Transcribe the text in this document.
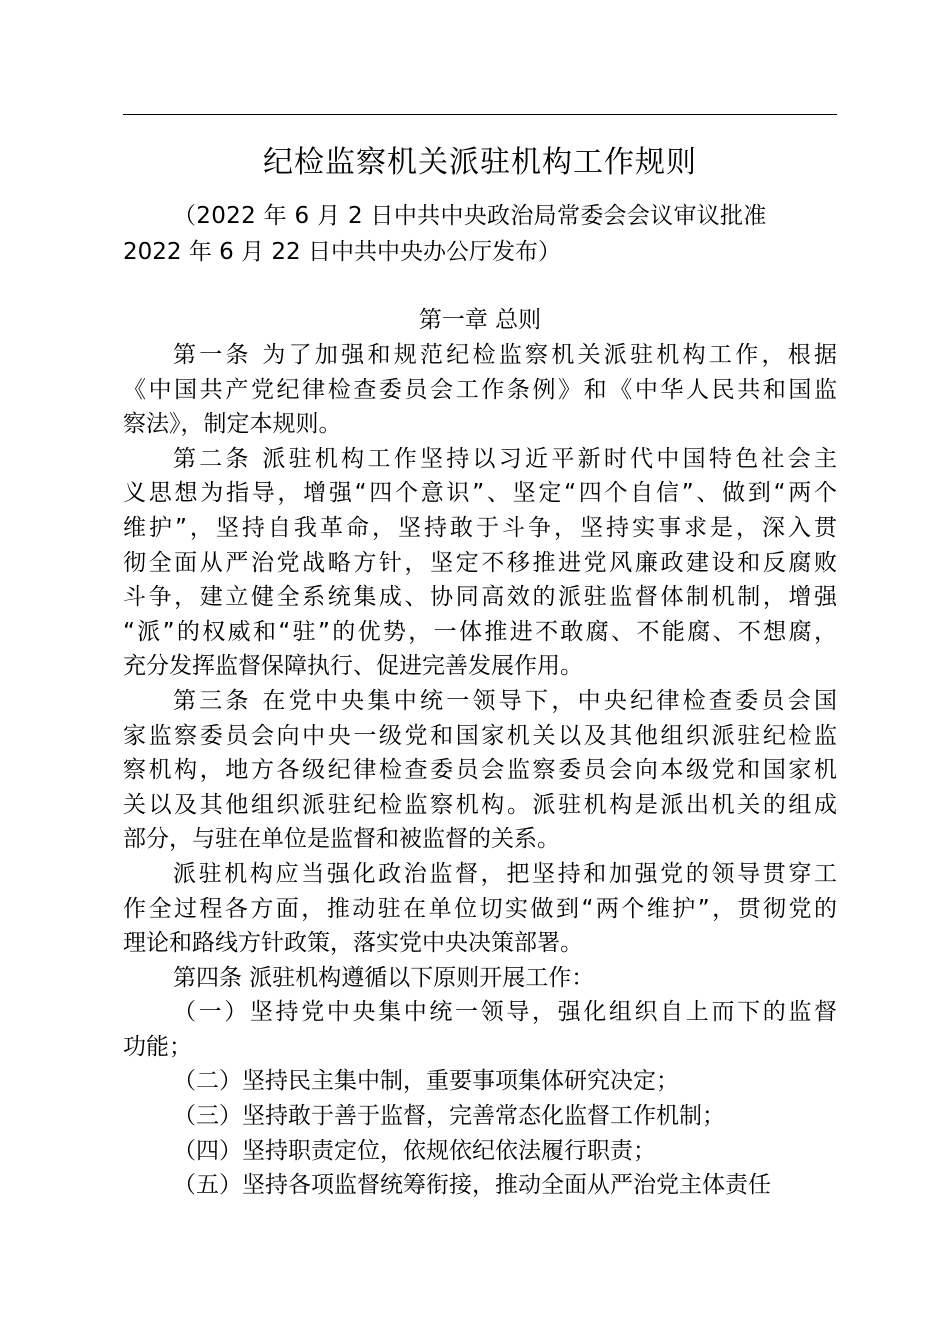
纪检监察机关派驻机构工作规则
（2022 年 6 月 2 日中共中央政治局常委会会议审议批准
2022 年 6 月 22 日中共中央办公厅发布）
第一章 总则
第一条 为了加强和规范纪检监察机关派驻机构工作，根据
《中国共产党纪律检查委员会工作条例》和《中华人民共和国监
察法》，制定本规则。
第二条 派驻机构工作坚持以习近平新时代中国特色社会主
义思想为指导，增强“四个意识”、坚定“四个自信”、做到“两个
维护”，坚持自我革命，坚持敢于斗争，坚持实事求是，深入贯
彻全面从严治党战略方针，坚定不移推进党风廉政建设和反腐败
斗争，建立健全系统集成、协同高效的派驻监督体制机制，增强
“派”的权威和“驻”的优势，一体推进不敢腐、不能腐、不想腐，
充分发挥监督保障执行、促进完善发展作用。
第三条 在党中央集中统一领导下，中央纪律检查委员会国
家监察委员会向中央一级党和国家机关以及其他组织派驻纪检监
察机构，地方各级纪律检查委员会监察委员会向本级党和国家机
关以及其他组织派驻纪检监察机构。派驻机构是派出机关的组成
部分，与驻在单位是监督和被监督的关系。
派驻机构应当强化政治监督，把坚持和加强党的领导贯穿工
作全过程各方面，推动驻在单位切实做到“两个维护”，贯彻党的
理论和路线方针政策，落实党中央决策部署。
第四条 派驻机构遵循以下原则开展工作：
（一）坚持党中央集中统一领导，强化组织自上而下的监督
功能；
（二）坚持民主集中制，重要事项集体研究决定；
（三）坚持敢于善于监督，完善常态化监督工作机制；
（四）坚持职责定位，依规依纪依法履行职责；
（五）坚持各项监督统筹衔接，推动全面从严治党主体责任
